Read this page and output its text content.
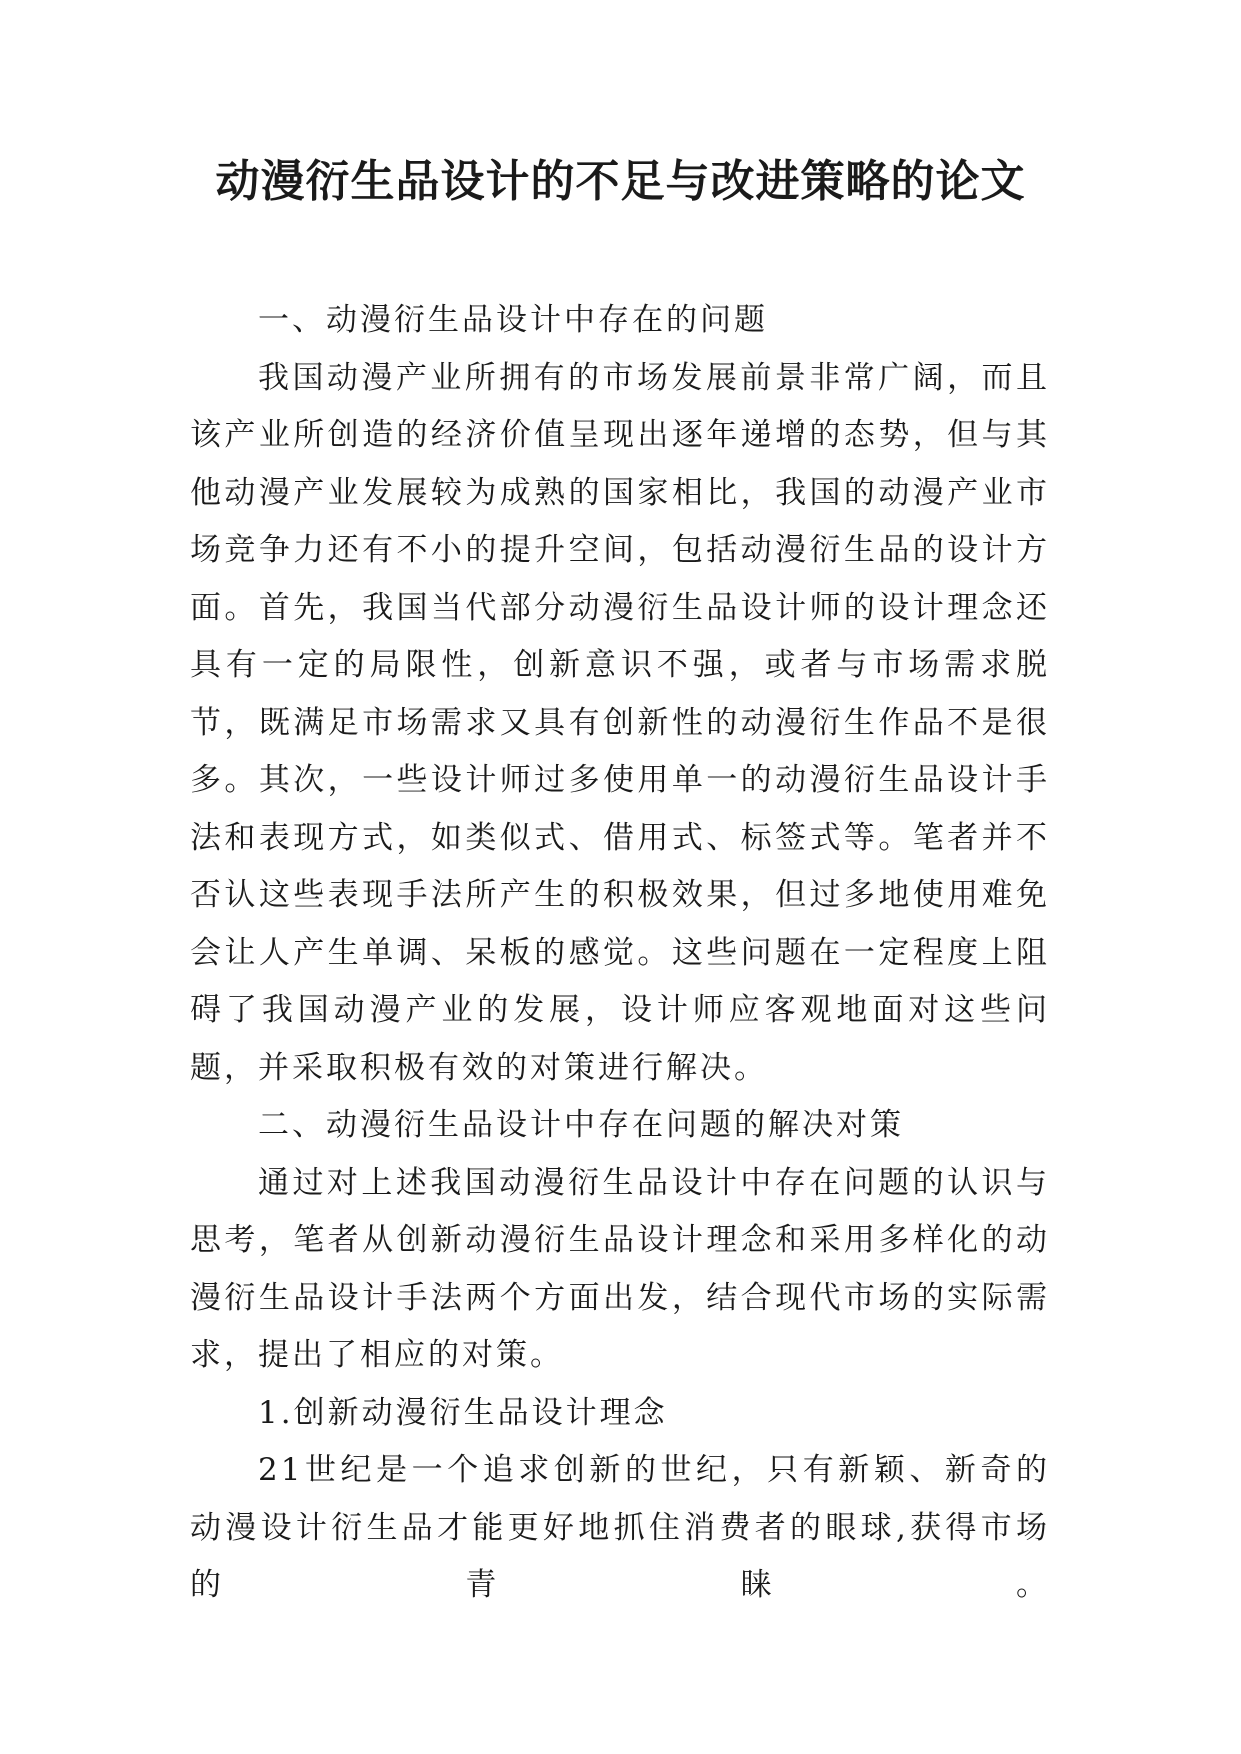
动漫衍生品设计的不足与改进策略的论文

一、动漫衍生品设计中存在的问题

我国动漫产业所拥有的市场发展前景非常广阔，而且该产业所创造的经济价值呈现出逐年递增的态势，但与其他动漫产业发展较为成熟的国家相比，我国的动漫产业市场竞争力还有不小的提升空间，包括动漫衍生品的设计方面。首先，我国当代部分动漫衍生品设计师的设计理念还具有一定的局限性，创新意识不强，或者与市场需求脱节，既满足市场需求又具有创新性的动漫衍生作品不是很多。其次，一些设计师过多使用单一的动漫衍生品设计手法和表现方式，如类似式、借用式、标签式等。笔者并不否认这些表现手法所产生的积极效果，但过多地使用难免会让人产生单调、呆板的感觉。这些问题在一定程度上阻碍了我国动漫产业的发展，设计师应客观地面对这些问题，并采取积极有效的对策进行解决。

二、动漫衍生品设计中存在问题的解决对策

通过对上述我国动漫衍生品设计中存在问题的认识与思考，笔者从创新动漫衍生品设计理念和采用多样化的动漫衍生品设计手法两个方面出发，结合现代市场的实际需求，提出了相应的对策。

1.创新动漫衍生品设计理念

21世纪是一个追求创新的世纪，只有新颖、新奇的动漫设计衍生品才能更好地抓住消费者的眼球,获得市场的青睐。
